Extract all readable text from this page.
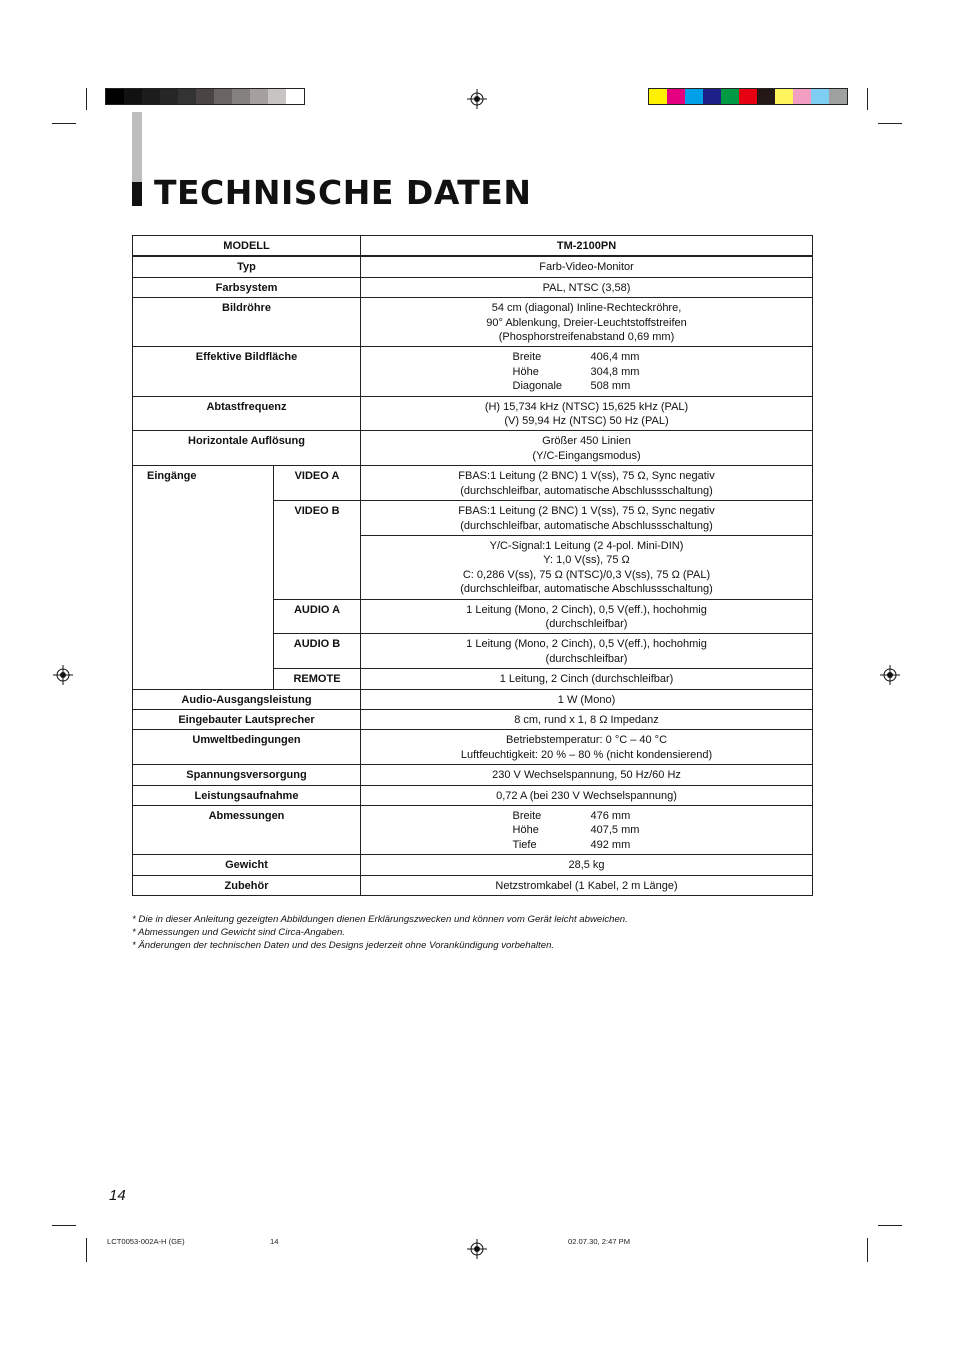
TECHNISCHE DATEN
MODELL	TM-2100PN
Typ	Farb-Video-Monitor
Farbsystem	PAL, NTSC (3,58)
Bildröhre	54 cm (diagonal) Inline-Rechteckröhre,
90° Ablenkung, Dreier-Leuchtstoffstreifen
(Phosphorstreifenabstand 0,69 mm)

Effektive Bildfläche		Breite	406,4 mm
Höhe	304,8 mm
Diagonale	508 mm

Abtastfrequenz	(H) 15,734 kHz (NTSC) 15,625 kHz (PAL)
(V) 59,94 Hz (NTSC) 50 Hz (PAL)

Horizontale Auflösung	Größer 450 Linien
(Y/C-Eingangsmodus)

Eingänge	VIDEO A	FBAS:1 Leitung (2 BNC) 1 V(ss), 75 Ω, Sync negativ
(durchschleifbar, automatische Abschlussschaltung)

VIDEO B	FBAS:1 Leitung (2 BNC) 1 V(ss), 75 Ω, Sync negativ
(durchschleifbar, automatische Abschlussschaltung)

Y/C-Signal:1 Leitung (2 4-pol. Mini-DIN)
Y: 1,0 V(ss), 75 Ω
C: 0,286 V(ss), 75 Ω (NTSC)/0,3 V(ss), 75 Ω (PAL)
(durchschleifbar, automatische Abschlussschaltung)

AUDIO A	1 Leitung (Mono, 2 Cinch), 0,5 V(eff.), hochohmig
(durchschleifbar)

AUDIO B	1 Leitung (Mono, 2 Cinch), 0,5 V(eff.), hochohmig
(durchschleifbar)

REMOTE	1 Leitung, 2 Cinch (durchschleifbar)
Audio-Ausgangsleistung	1 W (Mono)
Eingebauter Lautsprecher	8 cm, rund x 1, 8 Ω Impedanz
Umweltbedingungen	Betriebstemperatur: 0 °C – 40 °C
Luftfeuchtigkeit: 20 % – 80 % (nicht kondensierend)

Spannungsversorgung	230 V Wechselspannung, 50 Hz/60 Hz
Leistungsaufnahme	0,72 A (bei 230 V Wechselspannung)
Abmessungen		Breite	476 mm
Höhe	407,5 mm
Tiefe	492 mm

Gewicht	28,5 kg
Zubehör	Netzstromkabel (1 Kabel, 2 m Länge)

* Die in dieser Anleitung gezeigten Abbildungen dienen Erklärungszwecken und können vom Gerät leicht abweichen.

* Abmessungen und Gewicht sind Circa-Angaben.

* Änderungen der technischen Daten und des Designs jederzeit ohne Vorankündigung vorbehalten.

14
LCT0053-002A-H (GE)	14	02.07.30, 2:47 PM
